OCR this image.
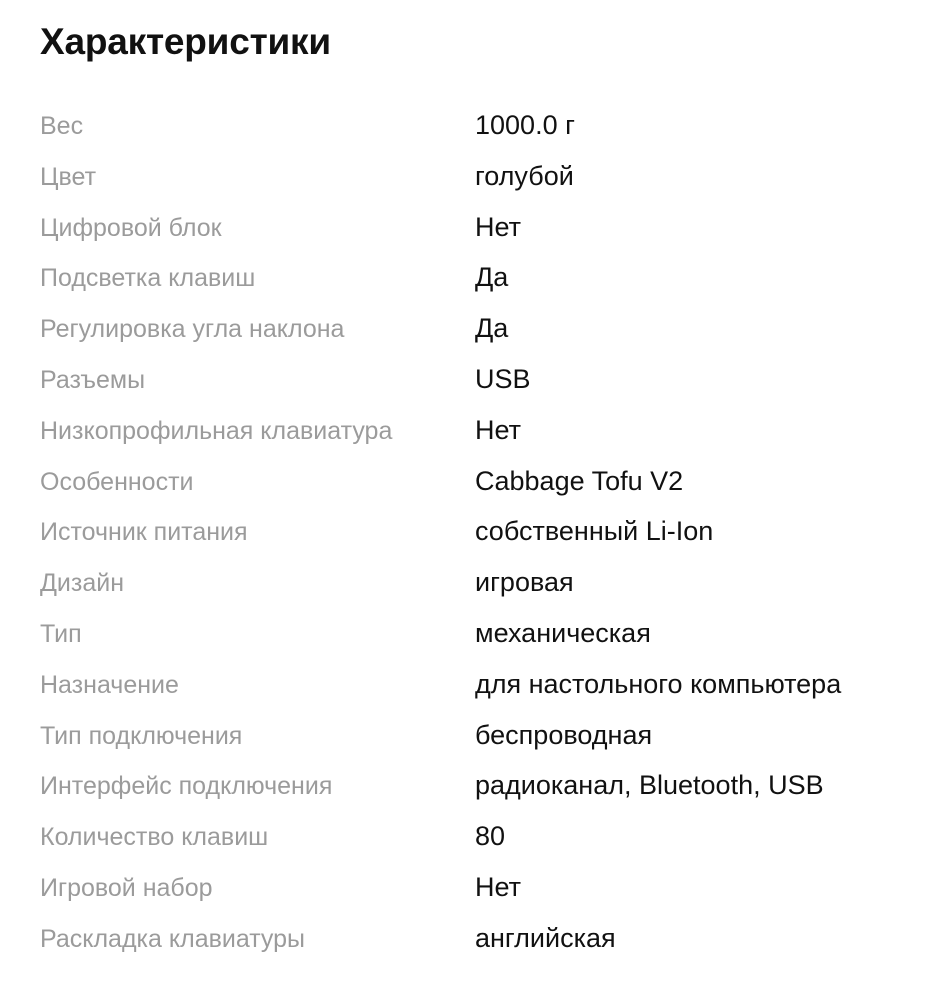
Характеристики
Вес	1000.0 г
Цвет	голубой
Цифровой блок	Нет
Подсветка клавиш	Да
Регулировка угла наклона	Да
Разъемы	USB
Низкопрофильная клавиатура	Нет
Особенности	Cabbage Tofu V2
Источник питания	собственный Li-Ion
Дизайн	игровая
Тип	механическая
Назначение	для настольного компьютера
Тип подключения	беспроводная
Интерфейс подключения	радиоканал, Bluetooth, USB
Количество клавиш	80
Игровой набор	Нет
Раскладка клавиатуры	английская
